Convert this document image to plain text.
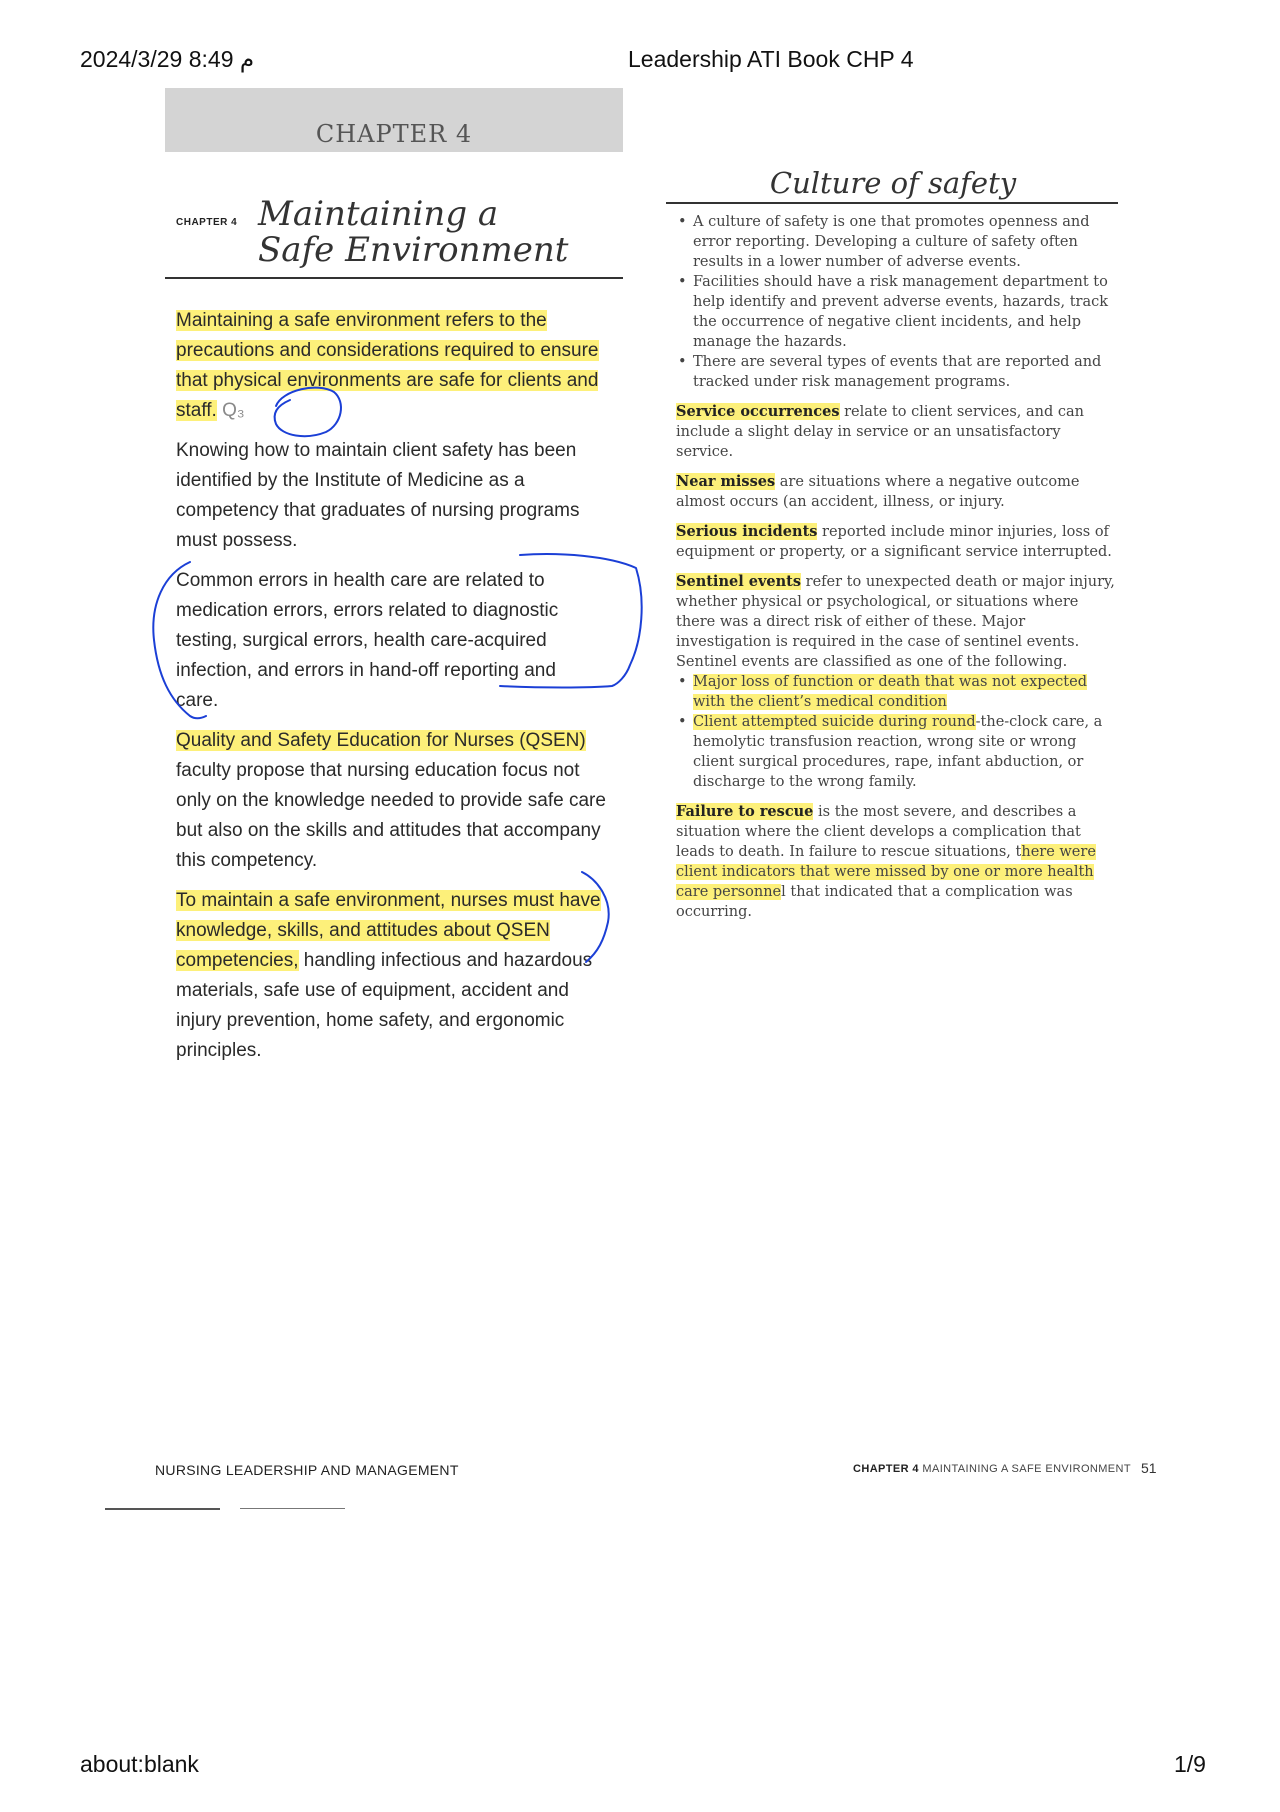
م 8:49 2024/3/29	Leadership ATI Book CHP 4
CHAPTER 4
CHAPTER 4 Maintaining a
Safe Environment

Maintaining a safe environment refers to the precautions and considerations required to ensure that physical environments are safe for clients and staff. Q₃

Knowing how to maintain client safety has been identified by the Institute of Medicine as a competency that graduates of nursing programs must possess.

Common errors in health care are related to medication errors, errors related to diagnostic testing, surgical errors, health care-acquired infection, and errors in hand-off reporting and care.

Quality and Safety Education for Nurses (QSEN) faculty propose that nursing education focus not only on the knowledge needed to provide safe care but also on the skills and attitudes that accompany this competency.

To maintain a safe environment, nurses must have knowledge, skills, and attitudes about QSEN competencies, handling infectious and hazardous materials, safe use of equipment, accident and injury prevention, home safety, and ergonomic principles.

Culture of safety
• A culture of safety is one that promotes openness and error reporting. Developing a culture of safety often results in a lower number of adverse events.
• Facilities should have a risk management department to help identify and prevent adverse events, hazards, track the occurrence of negative client incidents, and help manage the hazards.
• There are several types of events that are reported and tracked under risk management programs.

Service occurrences relate to client services, and can include a slight delay in service or an unsatisfactory service.

Near misses are situations where a negative outcome almost occurs (an accident, illness, or injury.

Serious incidents reported include minor injuries, loss of equipment or property, or a significant service interrupted.

Sentinel events refer to unexpected death or major injury, whether physical or psychological, or situations where there was a direct risk of either of these. Major investigation is required in the case of sentinel events. Sentinel events are classified as one of the following.

• Major loss of function or death that was not expected with the client’s medical condition
• Client attempted suicide during round-the-clock care, a hemolytic transfusion reaction, wrong site or wrong client surgical procedures, rape, infant abduction, or discharge to the wrong family.

Failure to rescue is the most severe, and describes a situation where the client develops a complication that leads to death. In failure to rescue situations, there were client indicators that were missed by one or more health care personnel that indicated that a complication was occurring.

NURSING LEADERSHIP AND MANAGEMENT	CHAPTER 4 MAINTAINING A SAFE ENVIRONMENT 51
about:blank	1/9
